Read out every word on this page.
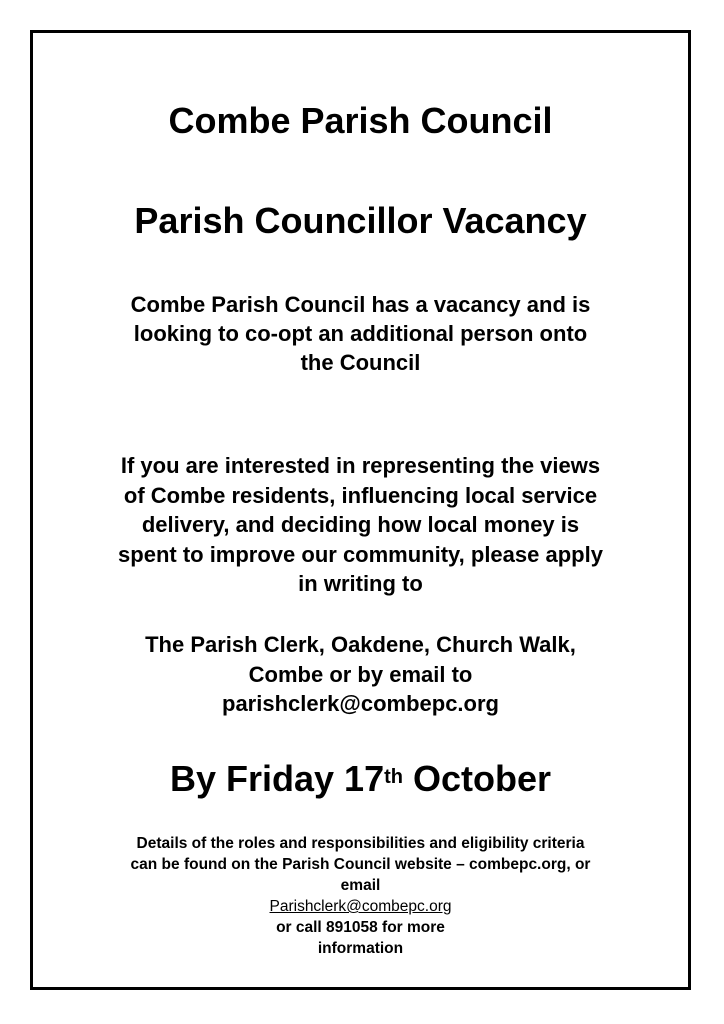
Combe Parish Council
Parish Councillor Vacancy
Combe Parish Council has a vacancy and is
looking to co-opt an additional person onto
the Council
If you are interested in representing the views
of Combe residents, influencing local service
delivery, and deciding how local money is
spent to improve our community, please apply
in writing to
The Parish Clerk, Oakdene, Church Walk,
Combe or by email to
parishclerk@combepc.org
By Friday 17th October
Details of the roles and responsibilities and eligibility criteria
can be found on the Parish Council website – combepc.org, or
email
Parishclerk@combepc.org
or call 891058 for more
information
